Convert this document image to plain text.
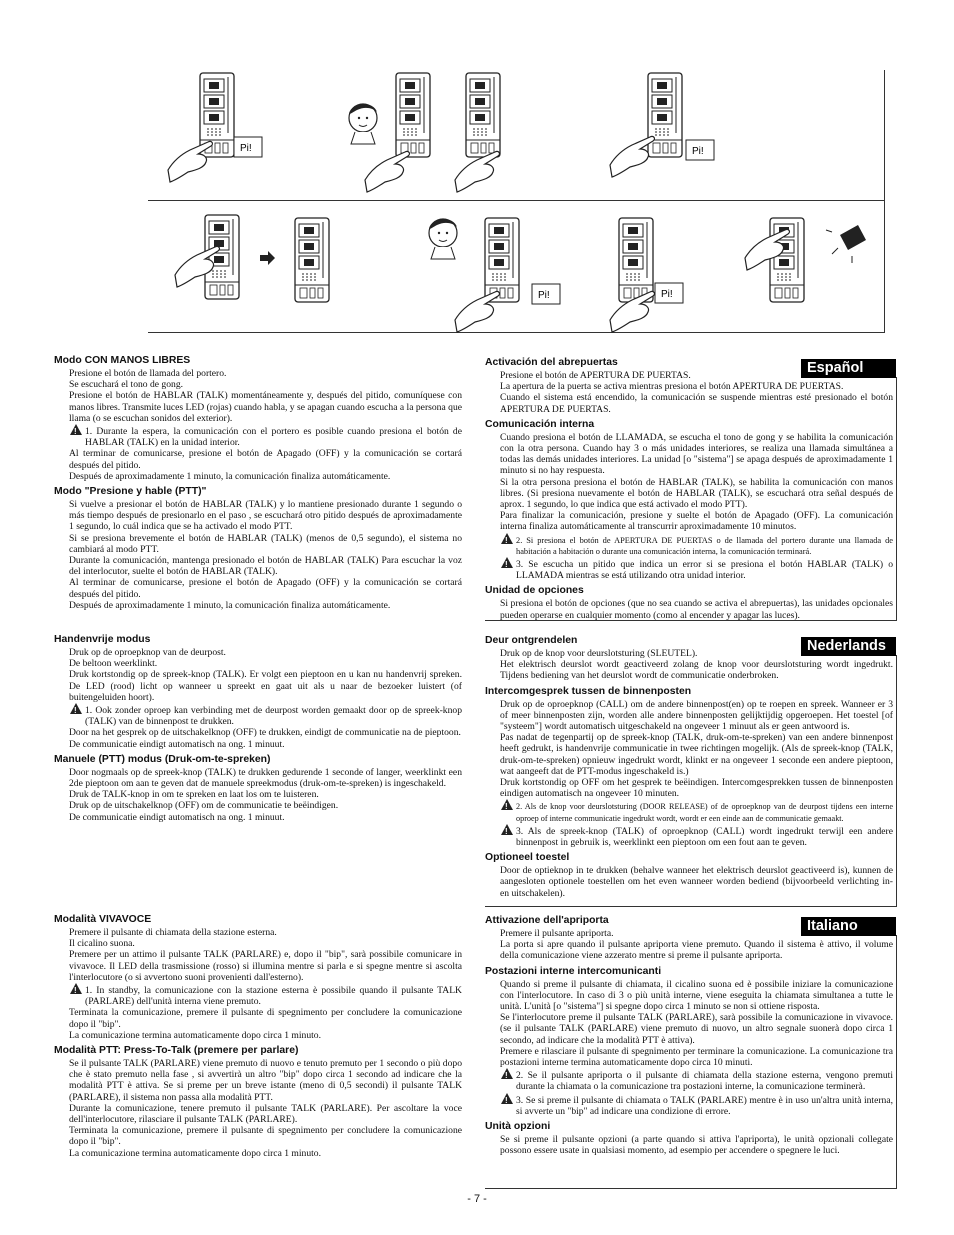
Pi!	Pi!
Pi!	Pi!
Modo CON MANOS LIBRES

Presione el botón de llamada del portero.

Se escuchará el tono de gong.

Presione el botón de HABLAR (TALK) momentáneamente y, después del pitido, comuníquese con manos libres. Transmite luces LED (rojas) cuando habla, y se apagan cuando escucha a la persona que llama (o se escuchan sonidos del exterior).

!1. Durante la espera, la comunicación con el portero es posible cuando presiona el botón de HABLAR (TALK) en la unidad interior.

Al terminar de comunicarse, presione el botón de Apagado (OFF) y la comunicación se cortará después del pitido.

Después de aproximadamente 1 minuto, la comunicación finaliza automáticamente.

Modo "Presione y hable (PTT)"

Si vuelve a presionar el botón de HABLAR (TALK) y lo mantiene presionado durante 1 segundo o más tiempo después de presionarlo en el paso , se escuchará otro pitido después de aproximadamente 1 segundo, lo cuál indica que se ha activado el modo PTT.

Si se presiona brevemente el botón de HABLAR (TALK) (menos de 0,5 segundo), el sistema no cambiará al modo PTT.

Durante la comunicación, mantenga presionado el botón de HABLAR (TALK) Para escuchar la voz del interlocutor, suelte el botón de HABLAR (TALK).

Al terminar de comunicarse, presione el botón de Apagado (OFF) y la comunicación se cortará después del pitido.

Después de aproximadamente 1 minuto, la comunicación finaliza automáticamente.

Español
Activación del abrepuertas

Presione el botón de APERTURA DE PUERTAS.

La apertura de la puerta se activa mientras presiona el botón APERTURA DE PUERTAS.

Cuando el sistema está encendido, la comunicación se suspende mientras esté presionado el botón APERTURA DE PUERTAS.

Comunicación interna

Cuando presiona el botón de LLAMADA, se escucha el tono de gong y se habilita la comunicación con la otra persona. Cuando hay 3 o más unidades interiores, se realiza una llamada simultánea a todas las demás unidades interiores. La unidad [o "sistema"] se apaga después de aproximadamente 1 minuto si no hay respuesta.

Si la otra persona presiona el botón de HABLAR (TALK), se habilita la comunicación con manos libres. (Si presiona nuevamente el botón de HABLAR (TALK), se escuchará otra señal después de aprox. 1 segundo, lo que indica que está activado el modo PTT).

Para finalizar la comunicación, presione y suelte el botón de Apagado (OFF). La comunicación interna finaliza automáticamente al transcurrir aproximadamente 10 minutos.

!2. Si presiona el botón de APERTURA DE PUERTAS o de llamada del portero durante una llamada de habitación a habitación o durante una comunicación interna, la comunicación terminará.

!3. Se escucha un pitido que indica un error si se presiona el botón HABLAR (TALK) o LLAMADA mientras se está utilizando otra unidad interior.

Unidad de opciones

Si presiona el botón de opciones (que no sea cuando se activa el abrepuertas), las unidades opcionales pueden operarse en cualquier momento (como al encender y apagar las luces).

Handenvrije modus

Druk op de oproepknop van de deurpost.

De beltoon weerklinkt.

Druk kortstondig op de spreek-knop (TALK). Er volgt een pieptoon en u kan nu handenvrij spreken. De LED (rood) licht op wanneer u spreekt en gaat uit als u naar de bezoeker luistert (of buitengeluiden hoort).

!1. Ook zonder oproep kan verbinding met de deurpost worden gemaakt door op de spreek-knop (TALK) van de binnenpost te drukken.

Door na het gesprek op de uitschakelknop (OFF) te drukken, eindigt de communicatie na de pieptoon.

De communicatie eindigt automatisch na ong. 1 minuut.

Manuele (PTT) modus (Druk-om-te-spreken)

Door nogmaals op de spreek-knop (TALK) te drukken gedurende 1 seconde of langer, weerklinkt een 2de pieptoon om aan te geven dat de manuele spreekmodus (druk-om-te-spreken) is ingeschakeld.

Druk de TALK-knop in om te spreken en laat los om te luisteren.

Druk op de uitschakelknop (OFF) om de communicatie te beëindigen.

De communicatie eindigt automatisch na ong. 1 minuut.

Nederlands
Deur ontgrendelen

Druk op de knop voor deurslotsturing (SLEUTEL).

Het elektrisch deurslot wordt geactiveerd zolang de knop voor deurslotsturing wordt ingedrukt. Tijdens bediening van het deurslot wordt de communicatie onderbroken.

Intercomgesprek tussen de binnenposten

Druk op de oproepknop (CALL) om de andere binnenpost(en) op te roepen en spreek. Wanneer er 3 of meer binnenposten zijn, worden alle andere binnenposten gelijktijdig opgeroepen. Het toestel [of "systeem"] wordt automatisch uitgeschakeld na ongeveer 1 minuut als er geen antwoord is.

Pas nadat de tegenpartij op de spreek-knop (TALK, druk-om-te-spreken) van een andere binnenpost heeft gedrukt, is handenvrije communicatie in twee richtingen mogelijk. (Als de spreek-knop (TALK, druk-om-te-spreken) opnieuw ingedrukt wordt, klinkt er na ongeveer 1 seconde een andere pieptoon, wat aangeeft dat de PTT-modus ingeschakeld is.)

Druk kortstondig op OFF om het gesprek te beëindigen. Intercomgesprekken tussen de binnenposten eindigen automatisch na ongeveer 10 minuten.

!2. Als de knop voor deurslotsturing (DOOR RELEASE) of de oproepknop van de deurpost tijdens een interne oproep of interne communicatie ingedrukt wordt, wordt er een einde aan de communicatie gemaakt.

!3. Als de spreek-knop (TALK) of oproepknop (CALL) wordt ingedrukt terwijl een andere binnenpost in gebruik is, weerklinkt een pieptoon om een fout aan te geven.

Optioneel toestel

Door de optieknop in te drukken (behalve wanneer het elektrisch deurslot geactiveerd is), kunnen de aangesloten optionele toestellen om het even wanneer worden bediend (bijvoorbeeld verlichting in- en uitschakelen).

Modalità VIVAVOCE

Premere il pulsante di chiamata della stazione esterna.

Il cicalino suona.

Premere per un attimo il pulsante TALK (PARLARE) e, dopo il "bip", sarà possibile comunicare in vivavoce. Il LED della trasmissione (rosso) si illumina mentre si parla e si spegne mentre si ascolta l'interlocutore (o si avvertono suoni provenienti dall'esterno).

!1. In standby, la comunicazione con la stazione esterna è possibile quando il pulsante TALK (PARLARE) dell'unità interna viene premuto.

Terminata la comunicazione, premere il pulsante di spegnimento per concludere la comunicazione dopo il "bip".

La comunicazione termina automaticamente dopo circa 1 minuto.

Modalità PTT: Press-To-Talk (premere per parlare)

Se il pulsante TALK (PARLARE) viene premuto di nuovo e tenuto premuto per 1 secondo o più dopo che è stato premuto nella fase , si avvertirà un altro "bip" dopo circa 1 secondo ad indicare che la modalità PTT è attiva. Se si preme per un breve istante (meno di 0,5 secondi) il pulsante TALK (PARLARE), il sistema non passa alla modalità PTT.

Durante la comunicazione, tenere premuto il pulsante TALK (PARLARE). Per ascoltare la voce dell'interlocutore, rilasciare il pulsante TALK (PARLARE).

Terminata la comunicazione, premere il pulsante di spegnimento per concludere la comunicazione dopo il "bip".

La comunicazione termina automaticamente dopo circa 1 minuto.

Italiano
Attivazione dell'apriporta

Premere il pulsante apriporta.

La porta si apre quando il pulsante apriporta viene premuto. Quando il sistema è attivo, il volume della comunicazione viene azzerato mentre si preme il pulsante apriporta.

Postazioni interne intercomunicanti

Quando si preme il pulsante di chiamata, il cicalino suona ed è possibile iniziare la comunicazione con l'interlocutore. In caso di 3 o più unità interne, viene eseguita la chiamata simultanea a tutte le unità. L'unità [o "sistema"] si spegne dopo circa 1 minuto se non si ottiene risposta.

Se l'interlocutore preme il pulsante TALK (PARLARE), sarà possibile la comunicazione in vivavoce. (se il pulsante TALK (PARLARE) viene premuto di nuovo, un altro segnale suonerà dopo circa 1 secondo, ad indicare che la modalità PTT è attiva).

Premere e rilasciare il pulsante di spegnimento per terminare la comunicazione. La comunicazione tra postazioni interne termina automaticamente dopo circa 10 minuti.

!2. Se il pulsante apriporta o il pulsante di chiamata della stazione esterna, vengono premuti durante la chiamata o la comunicazione tra postazioni interne, la comunicazione terminerà.

!3. Se si preme il pulsante di chiamata o TALK (PARLARE) mentre è in uso un'altra unità interna, si avverte un "bip" ad indicare una condizione di errore.

Unità opzioni

Se si preme il pulsante opzioni (a parte quando si attiva l'apriporta), le unità opzionali collegate possono essere usate in qualsiasi momento, ad esempio per accendere o spegnere le luci.

- 7 -
